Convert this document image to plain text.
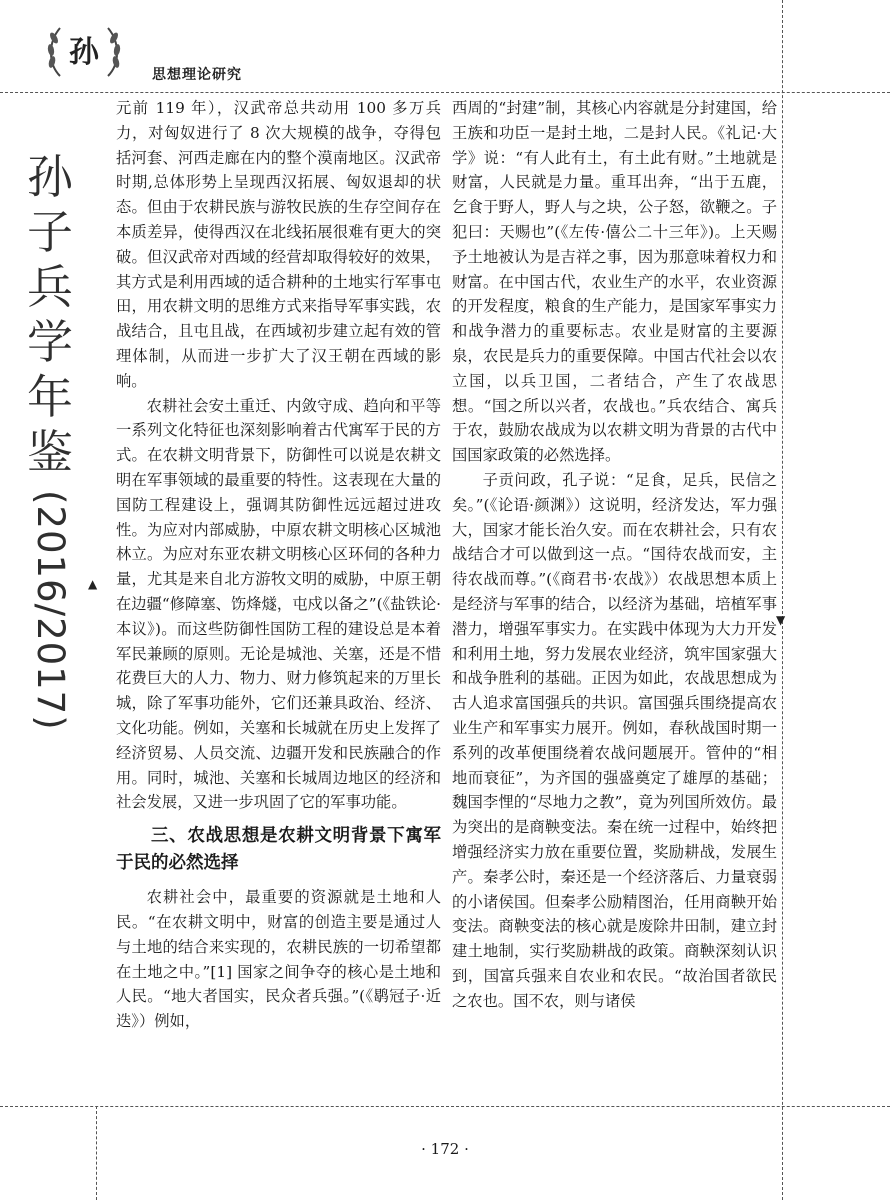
孙
思想理论研究
孙子兵学年鉴
(2016/2017) ▲
▼

元前 119 年），汉武帝总共动用 100 多万兵力，对匈奴进行了 8 次大规模的战争，夺得包括河套、河西走廊在内的整个漠南地区。汉武帝时期,总体形势上呈现西汉拓展、匈奴退却的状态。但由于农耕民族与游牧民族的生存空间存在本质差异，使得西汉在北线拓展很难有更大的突破。但汉武帝对西域的经营却取得较好的效果，其方式是利用西域的适合耕种的土地实行军事屯田，用农耕文明的思维方式来指导军事实践，农战结合，且屯且战，在西域初步建立起有效的管理体制，从而进一步扩大了汉王朝在西域的影响。

农耕社会安土重迁、内敛守成、趋向和平等一系列文化特征也深刻影响着古代寓军于民的方式。在农耕文明背景下，防御性可以说是农耕文明在军事领域的最重要的特性。这表现在大量的国防工程建设上，强调其防御性远远超过进攻性。为应对内部威胁，中原农耕文明核心区城池林立。为应对东亚农耕文明核心区环伺的各种力量，尤其是来自北方游牧文明的威胁，中原王朝在边疆“修障塞、饬烽燧，屯戍以备之”(《盐铁论·本议》)。而这些防御性国防工程的建设总是本着军民兼顾的原则。无论是城池、关塞，还是不惜花费巨大的人力、物力、财力修筑起来的万里长城，除了军事功能外，它们还兼具政治、经济、文化功能。例如，关塞和长城就在历史上发挥了经济贸易、人员交流、边疆开发和民族融合的作用。同时，城池、关塞和长城周边地区的经济和社会发展，又进一步巩固了它的军事功能。

三、农战思想是农耕文明背景下寓军于民的必然选择

农耕社会中，最重要的资源就是土地和人民。“在农耕文明中，财富的创造主要是通过人与土地的结合来实现的，农耕民族的一切希望都在土地之中。”[1] 国家之间争夺的核心是土地和人民。“地大者国实，民众者兵强。”(《鹖冠子·近迭》）例如，

西周的“封建”制，其核心内容就是分封建国，给王族和功臣一是封土地，二是封人民。《礼记·大学》说：“有人此有土，有土此有财。”土地就是财富，人民就是力量。重耳出奔，“出于五鹿，乞食于野人，野人与之块，公子怒，欲鞭之。子犯曰：天赐也”(《左传·僖公二十三年》)。上天赐予土地被认为是吉祥之事，因为那意味着权力和财富。在中国古代，农业生产的水平，农业资源的开发程度，粮食的生产能力，是国家军事实力和战争潜力的重要标志。农业是财富的主要源泉，农民是兵力的重要保障。中国古代社会以农立国，以兵卫国，二者结合，产生了农战思想。“国之所以兴者，农战也。”兵农结合、寓兵于农，鼓励农战成为以农耕文明为背景的古代中国国家政策的必然选择。

子贡问政，孔子说：“足食，足兵，民信之矣。”(《论语·颜渊》）这说明，经济发达，军力强大，国家才能长治久安。而在农耕社会，只有农战结合才可以做到这一点。“国待农战而安，主待农战而尊。”(《商君书·农战》）农战思想本质上是经济与军事的结合，以经济为基础，培植军事潜力，增强军事实力。在实践中体现为大力开发和利用土地，努力发展农业经济，筑牢国家强大和战争胜利的基础。正因为如此，农战思想成为古人追求富国强兵的共识。富国强兵围绕提高农业生产和军事实力展开。例如，春秋战国时期一系列的改革便围绕着农战问题展开。管仲的“相地而衰征”，为齐国的强盛奠定了雄厚的基础；魏国李悝的“尽地力之教”，竟为列国所效仿。最为突出的是商鞅变法。秦在统一过程中，始终把增强经济实力放在重要位置，奖励耕战，发展生产。秦孝公时，秦还是一个经济落后、力量衰弱的小诸侯国。但秦孝公励精图治，任用商鞅开始变法。商鞅变法的核心就是废除井田制，建立封建土地制，实行奖励耕战的政策。商鞅深刻认识到，国富兵强来自农业和农民。“故治国者欲民之农也。国不农，则与诸侯

· 172 ·
